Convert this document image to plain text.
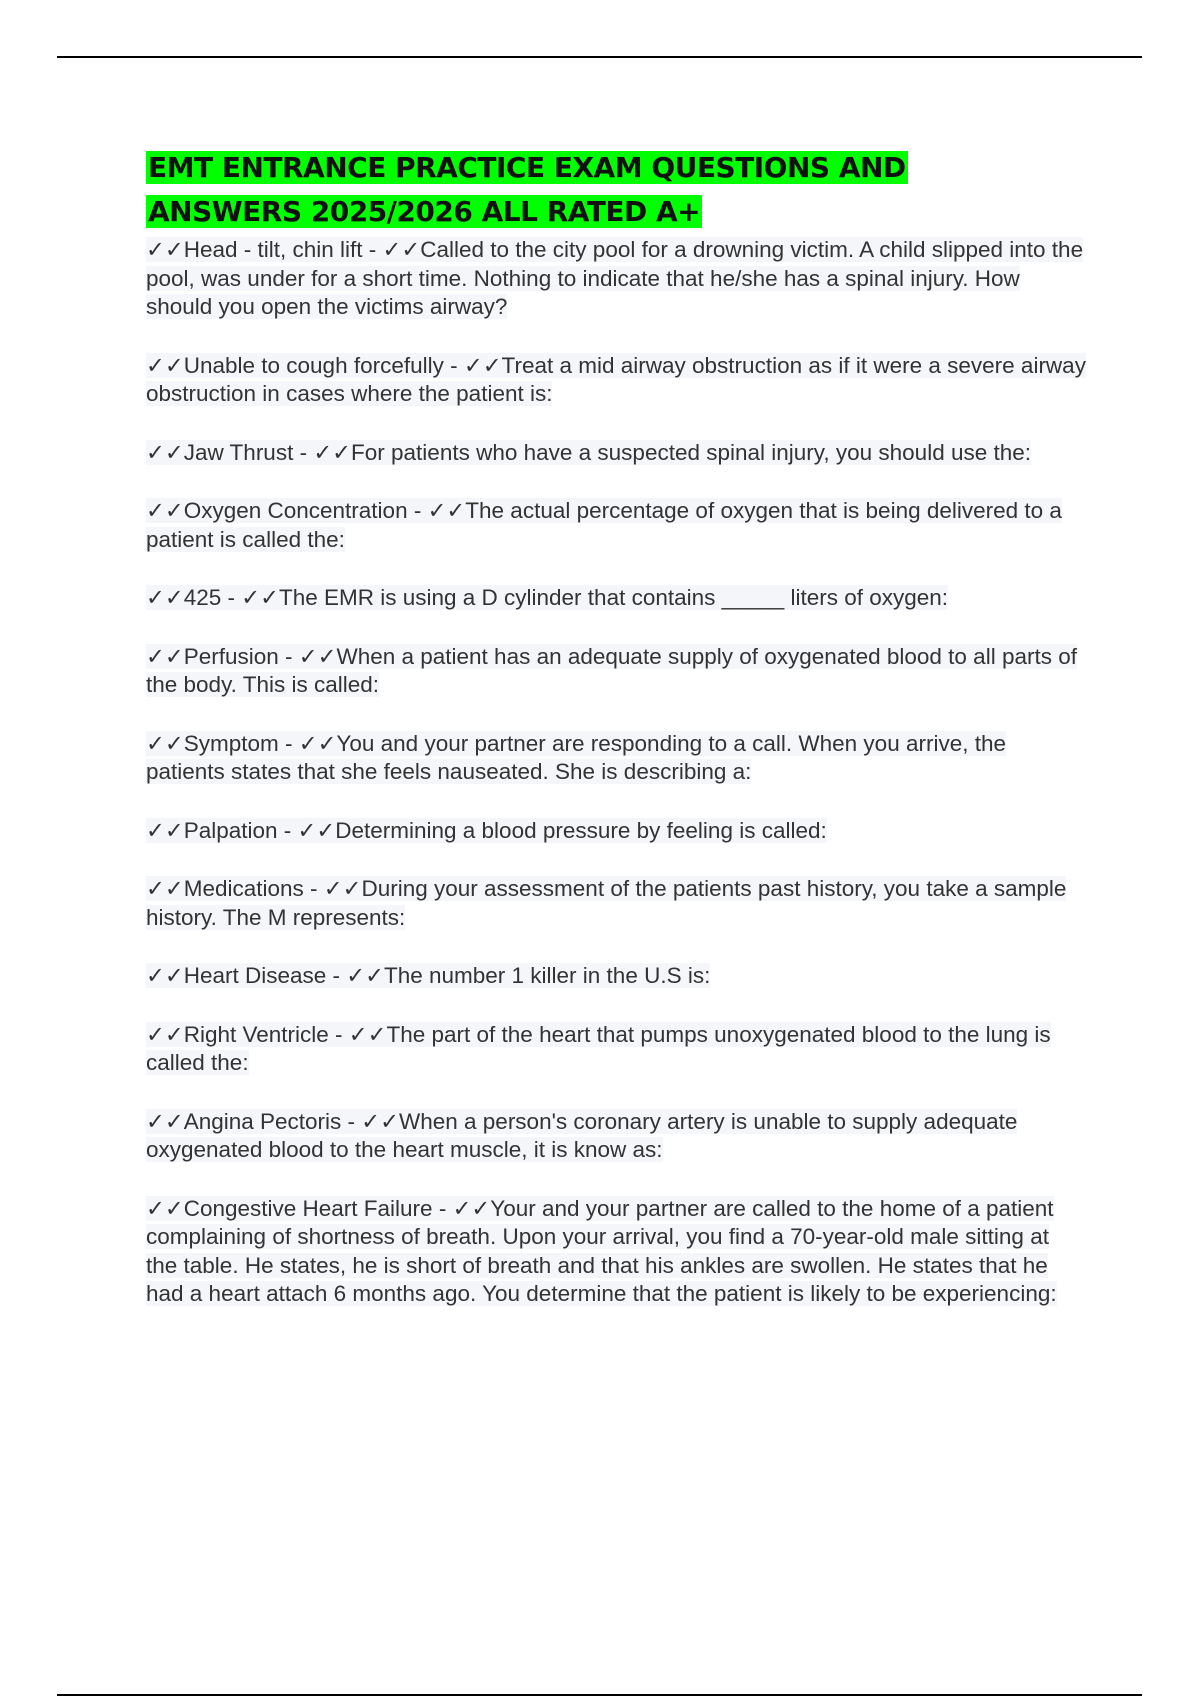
EMT ENTRANCE PRACTICE EXAM QUESTIONS AND
ANSWERS 2025/2026 ALL RATED A+
✓✓Head - tilt, chin lift - ✓✓Called to the city pool for a drowning victim. A child slipped into the pool, was under for a short time. Nothing to indicate that he/she has a spinal injury. How should you open the victims airway?
✓✓Unable to cough forcefully - ✓✓Treat a mid airway obstruction as if it were a severe airway obstruction in cases where the patient is:
✓✓Jaw Thrust - ✓✓For patients who have a suspected spinal injury, you should use the:
✓✓Oxygen Concentration - ✓✓The actual percentage of oxygen that is being delivered to a patient is called the:
✓✓425 - ✓✓The EMR is using a D cylinder that contains _____ liters of oxygen:
✓✓Perfusion - ✓✓When a patient has an adequate supply of oxygenated blood to all parts of the body. This is called:
✓✓Symptom - ✓✓You and your partner are responding to a call. When you arrive, the patients states that she feels nauseated. She is describing a:
✓✓Palpation - ✓✓Determining a blood pressure by feeling is called:
✓✓Medications - ✓✓During your assessment of the patients past history, you take a sample history. The M represents:
✓✓Heart Disease - ✓✓The number 1 killer in the U.S is:
✓✓Right Ventricle - ✓✓The part of the heart that pumps unoxygenated blood to the lung is called the:
✓✓Angina Pectoris - ✓✓When a person's coronary artery is unable to supply adequate oxygenated blood to the heart muscle, it is know as:
✓✓Congestive Heart Failure - ✓✓Your and your partner are called to the home of a patient complaining of shortness of breath. Upon your arrival, you find a 70-year-old male sitting at the table. He states, he is short of breath and that his ankles are swollen. He states that he had a heart attach 6 months ago. You determine that the patient is likely to be experiencing:
